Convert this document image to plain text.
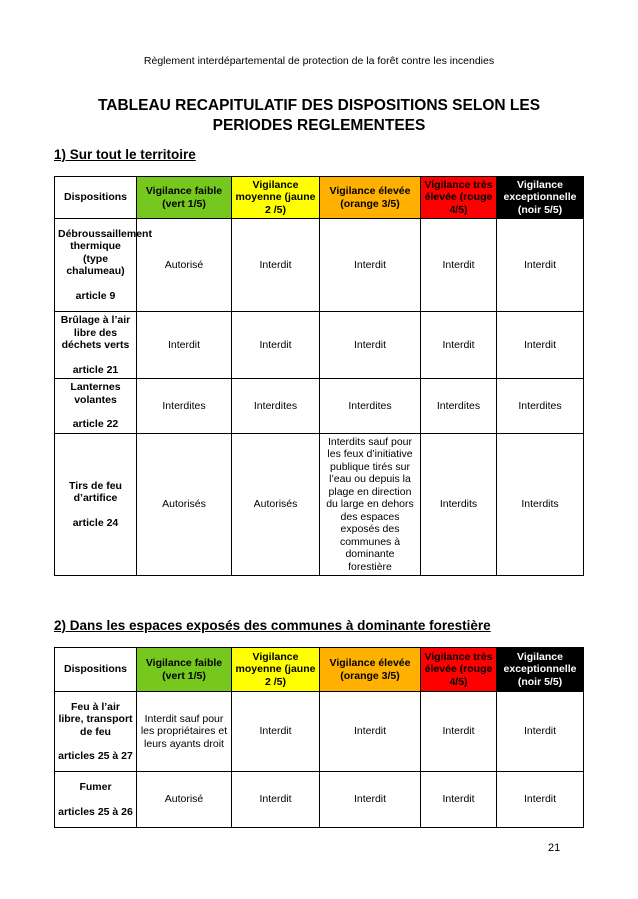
Règlement interdépartemental de protection de la forêt contre les incendies
TABLEAU RECAPITULATIF DES DISPOSITIONS SELON LES
PERIODES REGLEMENTEES
1) Sur tout le territoire
Dispositions	Vigilance faible (vert 1/5)	Vigilance moyenne (jaune 2 /5)	Vigilance élevée (orange 3/5)	Vigilance très élevée (rouge 4/5)	Vigilance exceptionnelle (noir 5/5)
Débroussaillement thermique (type chalumeau)
article 9	Autorisé	Interdit	Interdit	Interdit	Interdit
Brûlage à l’air libre des déchets verts
article 21	Interdit	Interdit	Interdit	Interdit	Interdit
Lanternes volantes
article 22	Interdites	Interdites	Interdites	Interdites	Interdites
Tirs de feu d’artifice
article 24	Autorisés	Autorisés	Interdits sauf pour les feux d’initiative publique tirés sur l’eau ou depuis la plage en direction du large en dehors des espaces exposés des communes à dominante forestière	Interdits	Interdits
2) Dans les espaces exposés des communes à dominante forestière
Dispositions	Vigilance faible (vert 1/5)	Vigilance moyenne (jaune 2 /5)	Vigilance élevée (orange 3/5)	Vigilance très élevée (rouge 4/5)	Vigilance exceptionnelle (noir 5/5)
Feu à l’air libre, transport de feu
articles 25 à 27	Interdit sauf pour les propriétaires et leurs ayants droit	Interdit	Interdit	Interdit	Interdit
Fumer
articles 25 à 26	Autorisé	Interdit	Interdit	Interdit	Interdit
21
